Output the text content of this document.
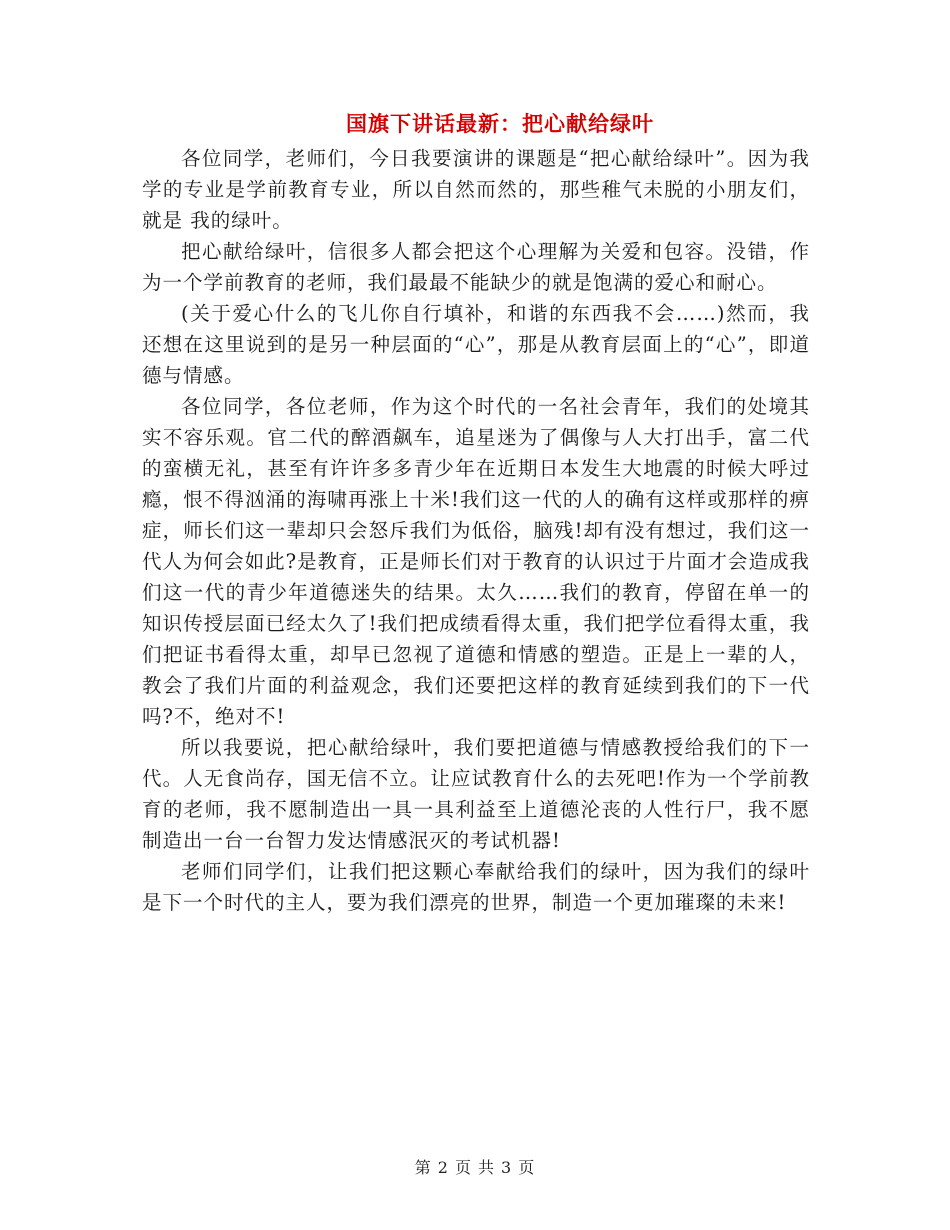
国旗下讲话最新：把心献给绿叶

各位同学，老师们，今日我要演讲的课题是“把心献给绿叶”。因为我学的专业是学前教育专业，所以自然而然的，那些稚气未脱的小朋友们，就是 我的绿叶。

把心献给绿叶，信很多人都会把这个心理解为关爱和包容。没错，作为一个学前教育的老师，我们最最不能缺少的就是饱满的爱心和耐心。

(关于爱心什么的飞儿你自行填补，和谐的东西我不会……)然而，我还想在这里说到的是另一种层面的“心”，那是从教育层面上的“心”，即道德与情感。

各位同学，各位老师，作为这个时代的一名社会青年，我们的处境其实不容乐观。官二代的醉酒飙车，追星迷为了偶像与人大打出手，富二代的蛮横无礼，甚至有许许多多青少年在近期日本发生大地震的时候大呼过瘾，恨不得汹涌的海啸再涨上十米!我们这一代的人的确有这样或那样的痹症，师长们这一辈却只会怒斥我们为低俗，脑残!却有没有想过，我们这一代人为何会如此?是教育，正是师长们对于教育的认识过于片面才会造成我们这一代的青少年道德迷失的结果。太久……我们的教育，停留在单一的知识传授层面已经太久了!我们把成绩看得太重，我们把学位看得太重，我们把证书看得太重，却早已忽视了道德和情感的塑造。正是上一辈的人，教会了我们片面的利益观念，我们还要把这样的教育延续到我们的下一代吗?不，绝对不!

所以我要说，把心献给绿叶，我们要把道德与情感教授给我们的下一代。人无食尚存，国无信不立。让应试教育什么的去死吧!作为一个学前教育的老师，我不愿制造出一具一具利益至上道德沦丧的人性行尸，我不愿制造出一台一台智力发达情感泯灭的考试机器!

老师们同学们，让我们把这颗心奉献给我们的绿叶，因为我们的绿叶是下一个时代的主人，要为我们漂亮的世界，制造一个更加璀璨的未来!

第 2 页 共 3 页
